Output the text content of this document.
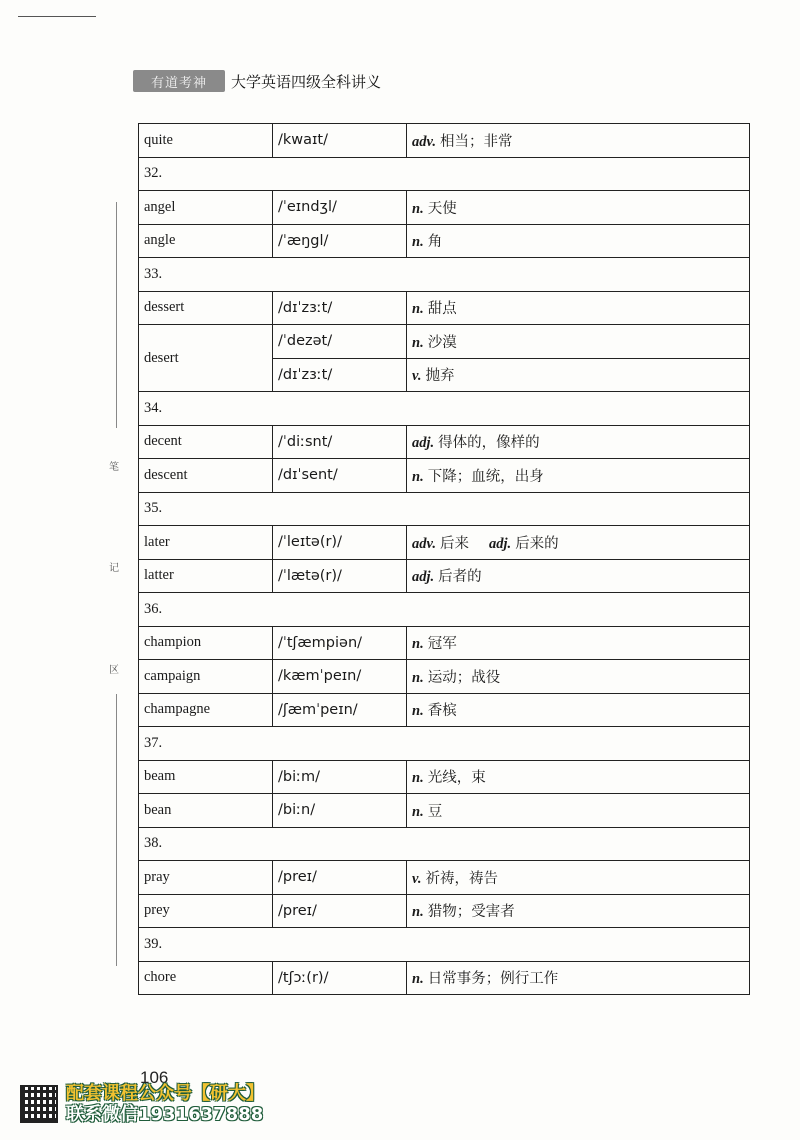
有道考神	大学英语四级全科讲义
笔
记
区
quite	/kwaɪt/	adv. 相当；非常
32.		
angel	/ˈeɪndʒl/	n. 天使
angle	/ˈæŋgl/	n. 角
33.		
dessert	/dɪˈzɜːt/	n. 甜点
desert	/ˈdezət/	n. 沙漠
	/dɪˈzɜːt/	v. 抛弃
34.		
decent	/ˈdiːsnt/	adj. 得体的，像样的
descent	/dɪˈsent/	n. 下降；血统，出身
35.		
later	/ˈleɪtə(r)/	adv. 后来 adj. 后来的
latter	/ˈlætə(r)/	adj. 后者的
36.		
champion	/ˈtʃæmpiən/	n. 冠军
campaign	/kæmˈpeɪn/	n. 运动；战役
champagne	/ʃæmˈpeɪn/	n. 香槟
37.		
beam	/biːm/	n. 光线，束
bean	/biːn/	n. 豆
38.		
pray	/preɪ/	v. 祈祷，祷告
prey	/preɪ/	n. 猎物；受害者
39.		
chore	/tʃɔː(r)/	n. 日常事务；例行工作
106
配套课程公众号【研大】
联系微信1931637888
